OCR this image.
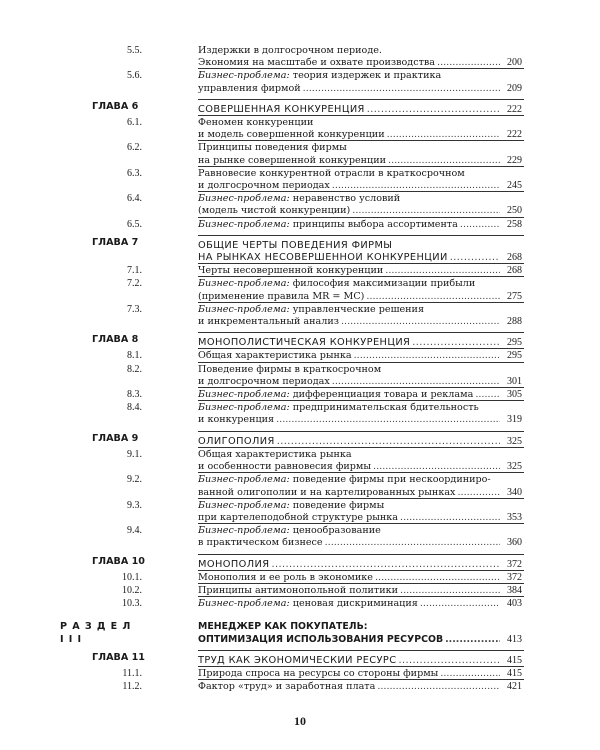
5.5.	Издержки в долгосрочном периоде.
Экономия на масштабе и охвате производства .....	200
5.6.	Бизнес-проблема: теория издержек и практика
управления фирмой .....	209
ГЛАВА 6	СОВЕРШЕННАЯ КОНКУРЕНЦИЯ .....	222
6.1.	Феномен конкуренции
и модель совершенной конкуренции .....	222
6.2.	Принципы поведения фирмы
на рынке совершенной конкуренции .....	229
6.3.	Равновесие конкурентной отрасли в краткосрочном
и долгосрочном периодах .....	245
6.4.	Бизнес-проблема: неравенство условий
(модель чистой конкуренции) .....	250
6.5.	Бизнес-проблема: принципы выбора ассортимента .....	258
ГЛАВА 7	ОБЩИЕ ЧЕРТЫ ПОВЕДЕНИЯ ФИРМЫ
НА РЫНКАХ НЕСОВЕРШЕННОЙ КОНКУРЕНЦИИ .....	268
7.1.	Черты несовершенной конкуренции .....	268
7.2.	Бизнес-проблема: философия максимизации прибыли
(применение правила MR = MC) .....	275
7.3.	Бизнес-проблема: управленческие решения
и инкрементальный анализ .....	288
ГЛАВА 8	МОНОПОЛИСТИЧЕСКАЯ КОНКУРЕНЦИЯ .....	295
8.1.	Общая характеристика рынка .....	295
8.2.	Поведение фирмы в краткосрочном
и долгосрочном периодах .....	301
8.3.	Бизнес-проблема: дифференциация товара и реклама .....	305
8.4.	Бизнес-проблема: предпринимательская бдительность
и конкуренция .....	319
ГЛАВА 9	ОЛИГОПОЛИЯ .....	325
9.1.	Общая характеристика рынка
и особенности равновесия фирмы .....	325
9.2.	Бизнес-проблема: поведение фирмы при нескоординиро-
ванной олигополии и на картелированных рынках .....	340
9.3.	Бизнес-проблема: поведение фирмы
при картелеподобной структуре рынка .....	353
9.4.	Бизнес-проблема: ценообразование
в практическом бизнесе .....	360
ГЛАВА 10	МОНОПОЛИЯ .....	372
10.1.	Монополия и ее роль в экономике .....	372
10.2.	Принципы антимонопольной политики .....	384
10.3.	Бизнес-проблема: ценовая дискриминация .....	403
РАЗДЕЛ III
МЕНЕДЖЕР КАК ПОКУПАТЕЛЬ:
ОПТИМИЗАЦИЯ ИСПОЛЬЗОВАНИЯ РЕСУРСОВ .....	413
ГЛАВА 11	ТРУД КАК ЭКОНОМИЧЕСКИЙ РЕСУРС .....	415
11.1.	Природа спроса на ресурсы со стороны фирмы .....	415
11.2.	Фактор «труд» и заработная плата .....	421
10
